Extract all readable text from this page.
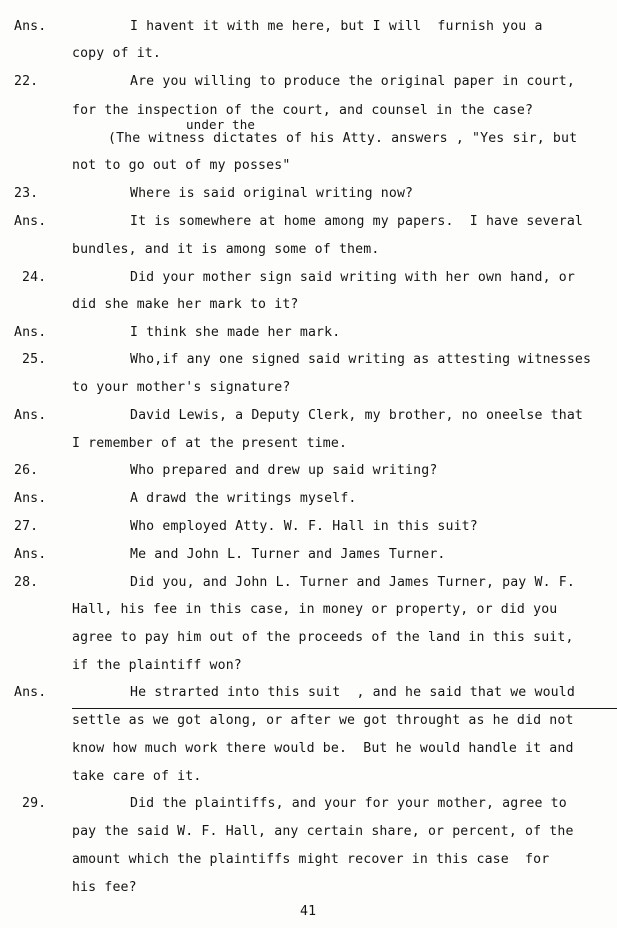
Ans.	I havent it with me here, but I will  furnish you a
copy of it.
22.	Are you willing to produce the original paper in court,
for the inspection of the court, and counsel in the case?
under the
(The witness dictates of his Atty. answers , "Yes sir, but
not to go out of my posses"
23.	Where is said original writing now?
Ans.	It is somewhere at home among my papers.  I have several
bundles, and it is among some of them.
24.	Did your mother sign said writing with her own hand, or
did she make her mark to it?
Ans.	I think she made her mark.
25.	Who,if any one signed said writing as attesting witnesses
to your mother's signature?
Ans.	David Lewis, a Deputy Clerk, my brother, no oneelse that
I remember of at the present time.
26.	Who prepared and drew up said writing?
Ans.	A drawd the writings myself.
27.	Who employed Atty. W. F. Hall in this suit?
Ans.	Me and John L. Turner and James Turner.
28.	Did you, and John L. Turner and James Turner, pay W. F.
Hall, his fee in this case, in money or property, or did you
agree to pay him out of the proceeds of the land in this suit,
if the plaintiff won?
Ans.	He strarted into this suit  , and he said that we would
settle as we got along, or after we got throught as he did not
know how much work there would be.  But he would handle it and
take care of it.
29.	Did the plaintiffs, and your for your mother, agree to
pay the said W. F. Hall, any certain share, or percent, of the
amount which the plaintiffs might recover in this case  for
his fee?
41
